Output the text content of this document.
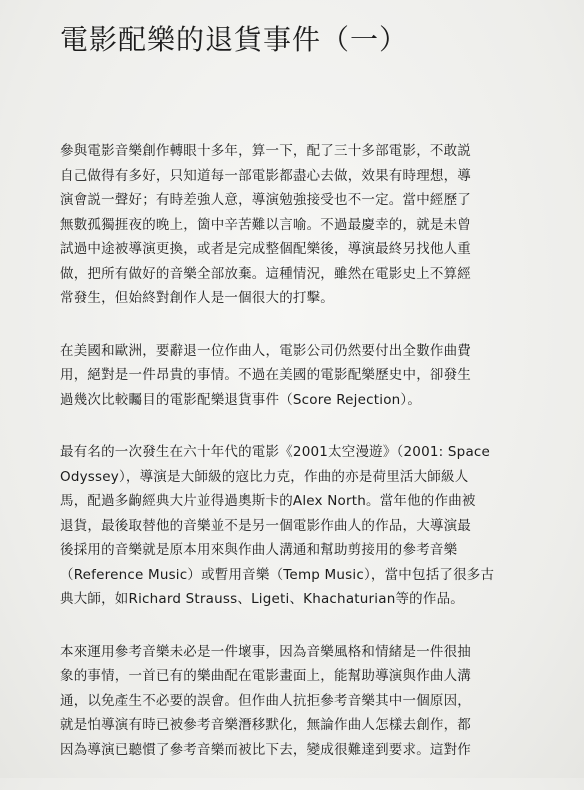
電影配樂的退貨事件（一）
參與電影音樂創作轉眼十多年，算一下，配了三十多部電影，不敢説
自己做得有多好，只知道每一部電影都盡心去做，效果有時理想，導
演會説一聲好；有時差強人意，導演勉強接受也不一定。當中經歷了
無數孤獨捱夜的晚上，箇中辛苦難以言喻。不過最慶幸的，就是未曾
試過中途被導演更換，或者是完成整個配樂後，導演最終另找他人重
做，把所有做好的音樂全部放棄。這種情況，雖然在電影史上不算經
常發生，但始終對創作人是一個很大的打擊。
在美國和歐洲，要辭退一位作曲人，電影公司仍然要付出全數作曲費
用，絕對是一件昂貴的事情。不過在美國的電影配樂歷史中，卻發生
過幾次比較矚目的電影配樂退貨事件（Score Rejection）。
最有名的一次發生在六十年代的電影《2001太空漫遊》（2001: Space
Odyssey），導演是大師級的寇比力克，作曲的亦是荷里活大師級人
馬，配過多齣經典大片並得過奧斯卡的Alex North。當年他的作曲被
退貨，最後取替他的音樂並不是另一個電影作曲人的作品，大導演最
後採用的音樂就是原本用來與作曲人溝通和幫助剪接用的參考音樂
（Reference Music）或暫用音樂（Temp Music），當中包括了很多古
典大師，如Richard Strauss、Ligeti、Khachaturian等的作品。
本來運用參考音樂未必是一件壞事，因為音樂風格和情緒是一件很抽
象的事情，一首已有的樂曲配在電影畫面上，能幫助導演與作曲人溝
通，以免產生不必要的誤會。但作曲人抗拒參考音樂其中一個原因，
就是怕導演有時已被參考音樂潛移默化，無論作曲人怎樣去創作，都
因為導演已聽慣了參考音樂而被比下去，變成很難達到要求。這對作
